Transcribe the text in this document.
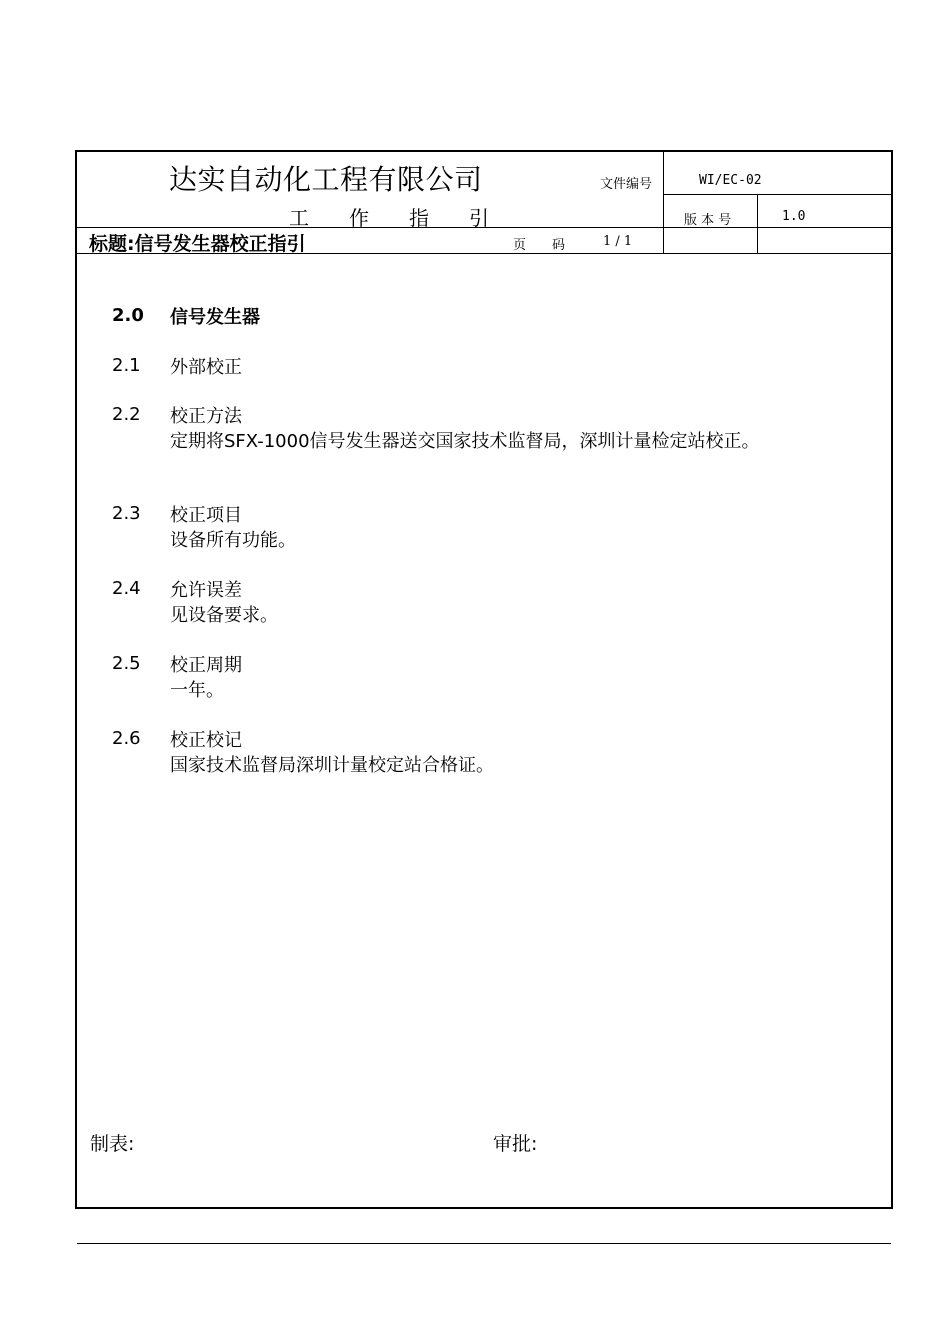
达实自动化工程有限公司
工　　作　　指　　引
标题:信号发生器校正指引
文件编号	WI/EC-02
版 本 号	1.0
页　　码	1 / 1
2.0	信号发生器
2.1	外部校正
2.2	校正方法
定期将SFX-1000信号发生器送交国家技术监督局，深圳计量检定站校正。
2.3	校正项目
设备所有功能。
2.4	允许误差
见设备要求。
2.5	校正周期
一年。
2.6	校正校记
国家技术监督局深圳计量校定站合格证。
制表:	审批:
